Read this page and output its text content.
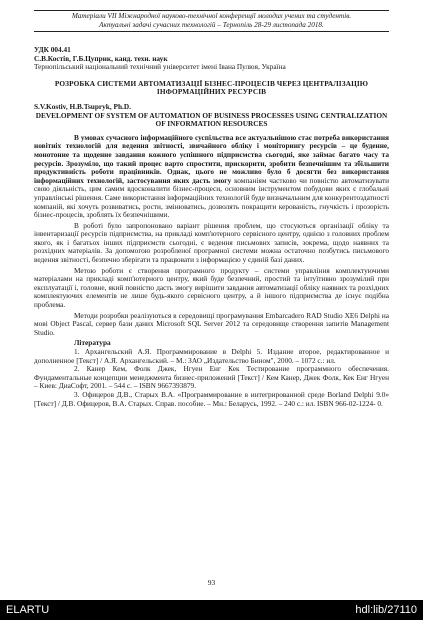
Матеріали VII Міжнародної науково-технічної конференції молодих учених та студентів.
Актуальні задачі сучасних технологій – Тернопіль 28-29 листопада 2018.

УДК 004.41

С.В.Костів, Г.Б.Цупрнк, канд. техн. наук

Тернопільський національний технічний університет імені Івана Пулюя, Україна

РОЗРОБКА СИСТЕМИ АВТОМАТИЗАЦІЇ БІЗНЕС-ПРОЦЕСІВ ЧЕРЕЗ ЦЕНТРАЛІЗАЦІЮ ІНФОРМАЦІЙНИХ РЕСУРСІВ

S.V.Kostiv, H.B.Tsupryk, Ph.D.

DEVELOPMENT OF SYSTEM OF AUTOMATION OF BUSINESS PROCESSES USING CENTRALIZATION OF INFORMATION RESOURCES

В умовах сучасного інформаційного суспільства все актуальнішою стає потреба використання новітніх технологій для ведення звітності, звичайного обліку і моніторингу ресурсів – це буденне, монотонне та щоденне завдання кожного успішного підприємства сьогодні, яке займає багато часу та ресурсів. Зрозуміло, що такий процес варто спростити, прискорити, зробити безпечнішим та збільшити продуктивність роботи працівників. Однак, цього не можливо було б досягти без використання інформаційних технологій, застосування яких дасть змогу компаніям частково чи повністю автоматизувати свою діяльність, цим самим вдосконалити бізнес-процеси, основним інструментом побудови яких є глобальні управлінські рішення. Саме використання інформаційних технологій буде визначальним для конкурентоздатності компаній, які хочуть розвиватись, рости, змінюватись, дозволять покращити керованість, гнучкість і прозорість бізнес-процесів, зроблять їх безпечнішими.

В роботі було запропоновано варіант рішення проблем, що стосуються організації обліку та інвентаризації ресурсів підприємства, на прикладі комп'ютерного сервісного центру, однією з головних проблем якого, як і багатьох інших підприємств сьогодні, є ведення письмових записів, зокрема, щодо наявних та розхідних матеріалів. За допомогою розробленої програмної системи можна остаточно позбутись письмового ведення звітності, безпечно зберігати та працювати з інформацією у єдиній базі даних.

Метою роботи є створення програмного продукту – системи управління комплектуючими матеріалами на прикладі комп'ютерного центру, який буде безпечний, простий та інтуїтивно зрозумілий при експлуатації і, головне, який повністю дасть змогу вирішити завдання автоматизації обліку наявних та розхідних комплектуючих елементів не лише будь-якого сервісного центру, а й іншого підприємства де існує подібна проблема.

Методи розробки реалізуються в середовищі програмування Embarcadero RAD Studio XE6 Delphi на мові Object Pascal, сервер бази даних Microsoft SQL Server 2012 та середовище створення запитів Management Studio.

Література

1. Архангельский А.Я. Программирование в Delphi 5. Издание второе, редактированное и дополненное [Текст] / А.Я. Архангельский. – М.: ЗАО „Издательство Бином", 2000. – 1072 с.: ил.

2. Канер Кем, Фолк Джек, Нгуен Енг Кек Тестирование программного обеспечения. Фундаментальные концепции менеджмента бизнес-приложений [Текст] / Кем Канер, Джек Фолк, Кек Енг Нгуен – Киев: ДиаСофт, 2001. – 544 с. – ISBN 9667393879.

3. Офицеров Д.В., Старых В.А. «Программирование в интегрированной среде Borland Delphi 9.0» [Текст] / Д.В. Офицеров, В.А. Старых. Справ. пособие. – Мн.: Беларусь, 1992. – 240 с.: ил. ISBN 966-02-1224- 0.

93
ELARTU	hdl:lib/27110
